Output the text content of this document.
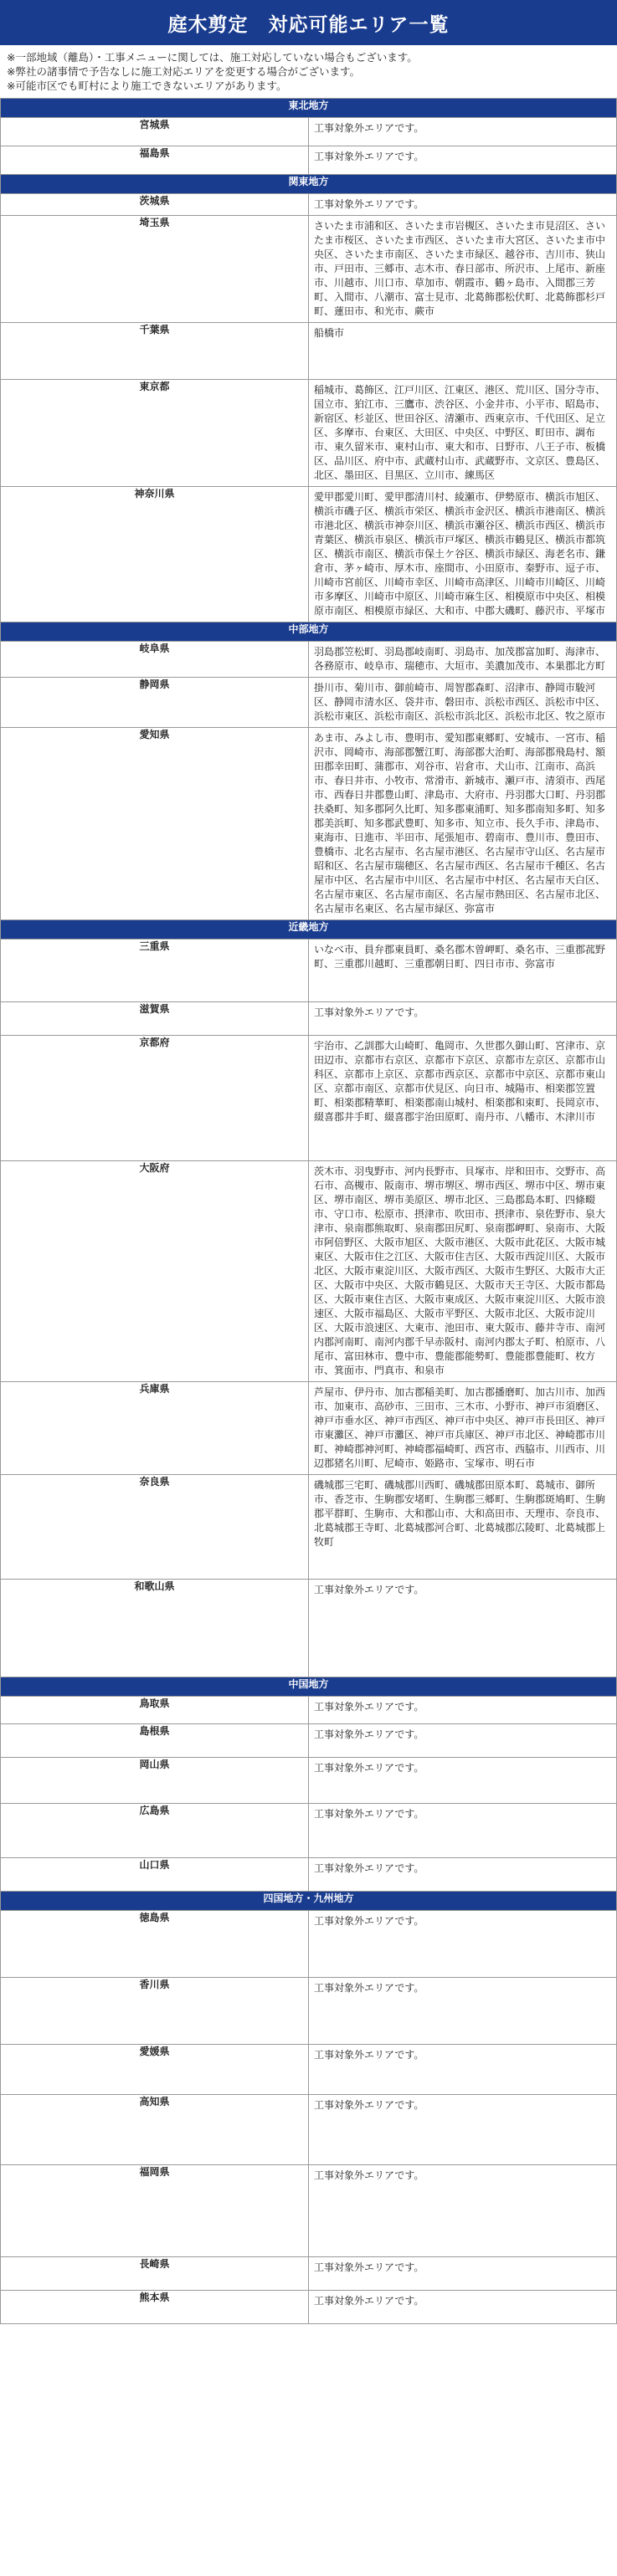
庭木剪定　対応可能エリア一覧
※一部地域（離島）・工事メニューに関しては、施工対応していない場合もございます。
※弊社の諸事情で予告なしに施工対応エリアを変更する場合がございます。
※可能市区でも町村により施工できないエリアがあります。
東北地方	
宮城県	工事対象外エリアです。
福島県	工事対象外エリアです。
関東地方	
茨城県	工事対象外エリアです。
埼玉県	さいたま市浦和区、さいたま市岩槻区、さいたま市見沼区、さいたま市桜区、さいたま市西区、さいたま市大宮区、さいたま市中央区、さいたま市南区、さいたま市緑区、越谷市、吉川市、狭山市、戸田市、三郷市、志木市、春日部市、所沢市、上尾市、新座市、川越市、川口市、草加市、朝霞市、鶴ヶ島市、入間郡三芳町、入間市、八潮市、富士見市、北葛飾郡松伏町、北葛飾郡杉戸町、蓮田市、和光市、蕨市
千葉県	船橋市
東京都	稲城市、葛飾区、江戸川区、江東区、港区、荒川区、国分寺市、国立市、狛江市、三鷹市、渋谷区、小金井市、小平市、昭島市、新宿区、杉並区、世田谷区、清瀬市、西東京市、千代田区、足立区、多摩市、台東区、大田区、中央区、中野区、町田市、調布市、東久留米市、東村山市、東大和市、日野市、八王子市、板橋区、品川区、府中市、武蔵村山市、武蔵野市、文京区、豊島区、北区、墨田区、目黒区、立川市、練馬区
神奈川県	愛甲郡愛川町、愛甲郡清川村、綾瀬市、伊勢原市、横浜市旭区、横浜市磯子区、横浜市栄区、横浜市金沢区、横浜市港南区、横浜市港北区、横浜市神奈川区、横浜市瀬谷区、横浜市西区、横浜市青葉区、横浜市泉区、横浜市戸塚区、横浜市鶴見区、横浜市都筑区、横浜市南区、横浜市保土ケ谷区、横浜市緑区、海老名市、鎌倉市、茅ヶ崎市、厚木市、座間市、小田原市、秦野市、逗子市、川崎市宮前区、川崎市幸区、川崎市高津区、川崎市川崎区、川崎市多摩区、川崎市中原区、川崎市麻生区、相模原市中央区、相模原市南区、相模原市緑区、大和市、中郡大磯町、藤沢市、平塚市
中部地方	
岐阜県	羽島郡笠松町、羽島郡岐南町、羽島市、加茂郡富加町、海津市、各務原市、岐阜市、瑞穂市、大垣市、美濃加茂市、本巣郡北方町
静岡県	掛川市、菊川市、御前崎市、周智郡森町、沼津市、静岡市駿河区、静岡市清水区、袋井市、磐田市、浜松市西区、浜松市中区、浜松市東区、浜松市南区、浜松市浜北区、浜松市北区、牧之原市
愛知県	あま市、みよし市、豊明市、愛知郡東郷町、安城市、一宮市、稲沢市、岡崎市、海部郡蟹江町、海部郡大治町、海部郡飛島村、額田郡幸田町、蒲郡市、刈谷市、岩倉市、犬山市、江南市、高浜市、春日井市、小牧市、常滑市、新城市、瀬戸市、清須市、西尾市、西春日井郡豊山町、津島市、大府市、丹羽郡大口町、丹羽郡扶桑町、知多郡阿久比町、知多郡東浦町、知多郡南知多町、知多郡美浜町、知多郡武豊町、知多市、知立市、長久手市、津島市、東海市、日進市、半田市、尾張旭市、碧南市、豊川市、豊田市、豊橋市、北名古屋市、名古屋市港区、名古屋市守山区、名古屋市昭和区、名古屋市瑞穂区、名古屋市西区、名古屋市千種区、名古屋市中区、名古屋市中川区、名古屋市中村区、名古屋市天白区、名古屋市東区、名古屋市南区、名古屋市熱田区、名古屋市北区、名古屋市名東区、名古屋市緑区、弥富市
近畿地方	
三重県	いなべ市、員弁郡東員町、桑名郡木曽岬町、桑名市、三重郡菰野町、三重郡川越町、三重郡朝日町、四日市市、弥富市
滋賀県	工事対象外エリアです。
京都府	宇治市、乙訓郡大山崎町、亀岡市、久世郡久御山町、宮津市、京田辺市、京都市右京区、京都市下京区、京都市左京区、京都市山科区、京都市上京区、京都市西京区、京都市中京区、京都市東山区、京都市南区、京都市伏見区、向日市、城陽市、相楽郡笠置町、相楽郡精華町、相楽郡南山城村、相楽郡和束町、長岡京市、綴喜郡井手町、綴喜郡宇治田原町、南丹市、八幡市、木津川市
大阪府	茨木市、羽曳野市、河内長野市、貝塚市、岸和田市、交野市、高石市、高槻市、阪南市、堺市堺区、堺市西区、堺市中区、堺市東区、堺市南区、堺市美原区、堺市北区、三島郡島本町、四條畷市、守口市、松原市、摂津市、吹田市、摂津市、泉佐野市、泉大津市、泉南郡熊取町、泉南郡田尻町、泉南郡岬町、泉南市、大阪市阿倍野区、大阪市旭区、大阪市港区、大阪市此花区、大阪市城東区、大阪市住之江区、大阪市住吉区、大阪市西淀川区、大阪市北区、大阪市東淀川区、大阪市西区、大阪市生野区、大阪市大正区、大阪市中央区、大阪市鶴見区、大阪市天王寺区、大阪市都島区、大阪市東住吉区、大阪市東成区、大阪市東淀川区、大阪市浪速区、大阪市福島区、大阪市平野区、大阪市北区、大阪市淀川区、大阪市浪速区、大東市、池田市、東大阪市、藤井寺市、南河内郡河南町、南河内郡千早赤阪村、南河内郡太子町、柏原市、八尾市、富田林市、豊中市、豊能郡能勢町、豊能郡豊能町、枚方市、箕面市、門真市、和泉市
兵庫県	芦屋市、伊丹市、加古郡稲美町、加古郡播磨町、加古川市、加西市、加東市、高砂市、三田市、三木市、小野市、神戸市須磨区、神戸市垂水区、神戸市西区、神戸市中央区、神戸市長田区、神戸市東灘区、神戸市灘区、神戸市兵庫区、神戸市北区、神崎郡市川町、神崎郡神河町、神崎郡福崎町、西宮市、西脇市、川西市、川辺郡猪名川町、尼崎市、姫路市、宝塚市、明石市
奈良県	磯城郡三宅町、磯城郡川西町、磯城郡田原本町、葛城市、御所市、香芝市、生駒郡安堵町、生駒郡三郷町、生駒郡斑鳩町、生駒郡平群町、生駒市、大和郡山市、大和高田市、天理市、奈良市、北葛城郡王寺町、北葛城郡河合町、北葛城郡広陵町、北葛城郡上牧町
和歌山県	工事対象外エリアです。
中国地方	
鳥取県	工事対象外エリアです。
島根県	工事対象外エリアです。
岡山県	工事対象外エリアです。
広島県	工事対象外エリアです。
山口県	工事対象外エリアです。
四国地方・九州地方	
徳島県	工事対象外エリアです。
香川県	工事対象外エリアです。
愛媛県	工事対象外エリアです。
高知県	工事対象外エリアです。
福岡県	工事対象外エリアです。
長崎県	工事対象外エリアです。
熊本県	工事対象外エリアです。
